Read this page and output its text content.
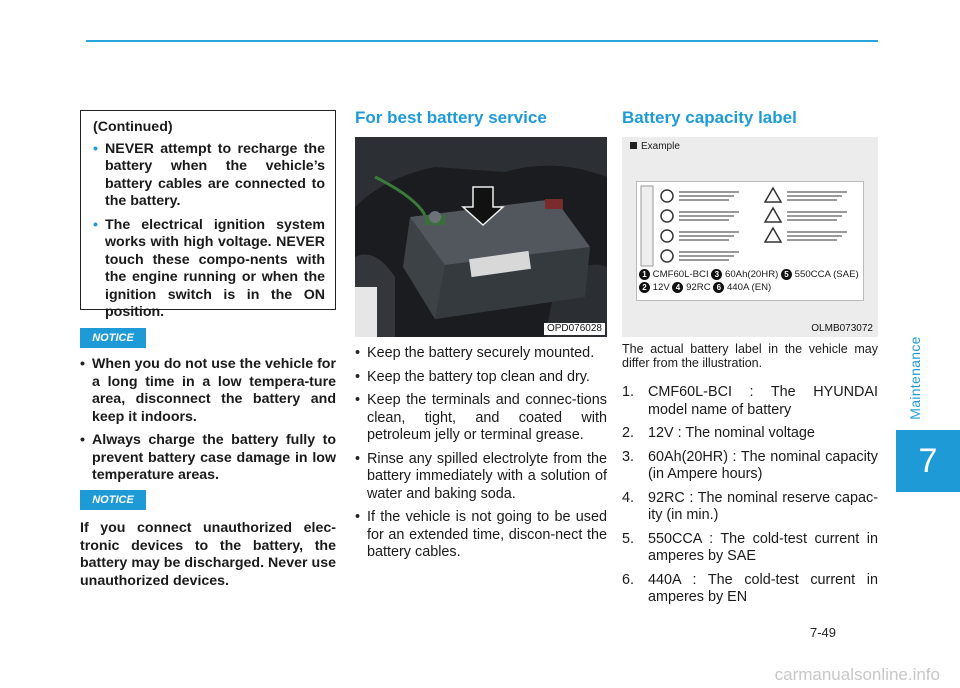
(Continued)
• NEVER attempt to recharge the battery when the vehicle’s battery cables are connected to the battery.
• The electrical ignition system works with high voltage. NEVER touch these compo-nents with the engine running or when the ignition switch is in the ON position.
NOTICE
• When you do not use the vehicle for a long time in a low tempera-ture area, disconnect the battery and keep it indoors.
• Always charge the battery fully to prevent battery case damage in low temperature areas.
NOTICE
If you connect unauthorized elec-tronic devices to the battery, the battery may be discharged. Never use unauthorized devices.
For best battery service
OPD076028
• Keep the battery securely mounted.
• Keep the battery top clean and dry.
• Keep the terminals and connec-tions clean, tight, and coated with petroleum jelly or terminal grease.
• Rinse any spilled electrolyte from the battery immediately with a solution of water and baking soda.
• If the vehicle is not going to be used for an extended time, discon-nect the battery cables.
Battery capacity label
Example
1 CMF60L-BCI 3 60Ah(20HR) 5 550CCA (SAE)
2 12V 4 92RC 6 440A (EN)
OLMB073072
The actual battery label in the vehicle may differ from the illustration.
1. CMF60L-BCI : The HYUNDAI model name of battery
2. 12V : The nominal voltage
3. 60Ah(20HR) : The nominal capacity (in Ampere hours)
4. 92RC : The nominal reserve capac-ity (in min.)
5. 550CCA : The cold-test current in amperes by SAE
6. 440A : The cold-test current in amperes by EN
Maintenance
7
7-49
carmanualsonline.info
